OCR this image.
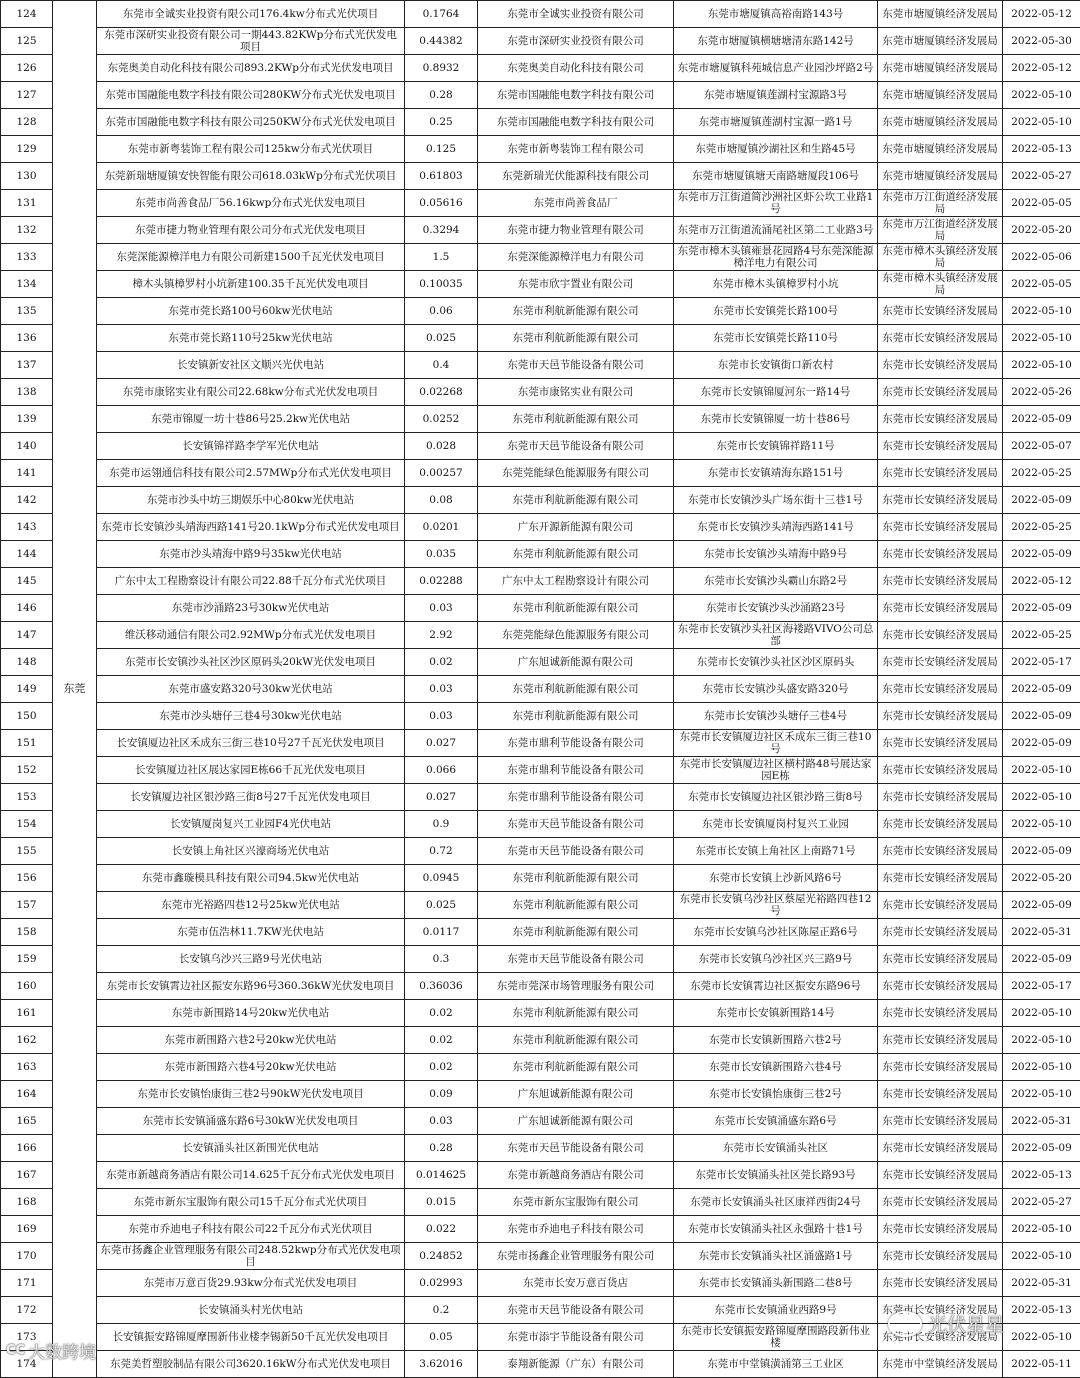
124	东莞	东莞市全诚实业投资有限公司176.4kw分布式光伏项目	0.1764	东莞市全诚实业投资有限公司	东莞市塘厦镇高裕南路143号	东莞市塘厦镇经济发展局	2022-05-12
125		东莞市深研实业投资有限公司一期443.82KWp分布式光伏发电项目	0.44382	东莞市深研实业投资有限公司	东莞市塘厦镇横塘塘清东路142号	东莞市塘厦镇经济发展局	2022-05-30
126		东莞奥美自动化科技有限公司893.2KWp分布式光伏发电项目	0.8932	东莞奥美自动化科技有限公司	东莞市塘厦镇科苑城信息产业园沙坪路2号	东莞市塘厦镇经济发展局	2022-05-12
127		东莞市国融能电数字科技有限公司280KW分布式光伏发电项目	0.28	东莞市国融能电数字科技有限公司	东莞市塘厦镇莲湖村宝源路3号	东莞市塘厦镇经济发展局	2022-05-10
128		东莞市国融能电数字科技有限公司250KW分布式光伏发电项目	0.25	东莞市国融能电数字科技有限公司	东莞市塘厦镇莲湖村宝源一路1号	东莞市塘厦镇经济发展局	2022-05-10
129		东莞市新粤装饰工程有限公司125kw分布式光伏项目	0.125	东莞市新粤装饰工程有限公司	东莞市塘厦镇沙湖社区和生路45号	东莞市塘厦镇经济发展局	2022-05-13
130		东莞新瑞塘厦镇安快智能有限公司618.03kWp分布式光伏项目	0.61803	东莞新瑞光伏能源科技有限公司	东莞市塘厦镇塘天南路塘厦段106号	东莞市塘厦镇经济发展局	2022-05-27
131		东莞市尚善食品厂56.16kwp分布式光伏发电项目	0.05616	东莞市尚善食品厂	东莞市万江街道简沙洲社区虾公坎工业路1号	东莞市万江街道经济发展局	2022-05-05
132		东莞市捷力物业管理有限公司分布式光伏发电项目	0.3294	东莞市捷力物业管理有限公司	东莞市万江街道流涌尾社区第二工业路3号	东莞市万江街道经济发展局	2022-05-20
133		东莞深能源樟洋电力有限公司新建1500千瓦光伏发电项目	1.5	东莞深能源樟洋电力有限公司	东莞市樟木头镇雍景花园路4号东莞深能源樟洋电力有限公司	东莞市樟木头镇经济发展局	2022-05-06
134		樟木头镇樟罗村小坑新建100.35千瓦光伏发电项目	0.10035	东莞市欣宇置业有限公司	东莞市樟木头镇樟罗村小坑	东莞市樟木头镇经济发展局	2022-05-05
135		东莞市莞长路100号60kw光伏电站	0.06	东莞市利航新能源有限公司	东莞市长安镇莞长路100号	东莞市长安镇经济发展局	2022-05-10
136		东莞市莞长路110号25kw光伏电站	0.025	东莞市利航新能源有限公司	东莞市长安镇莞长路110号	东莞市长安镇经济发展局	2022-05-10
137		长安镇新安社区文顺兴光伏电站	0.4	东莞市天邑节能设备有限公司	东莞市长安镇街口新农村	东莞市长安镇经济发展局	2022-05-10
138		东莞市康铭实业有限公司22.68kw分布式光伏发电项目	0.02268	东莞市康铭实业有限公司	东莞市长安镇锦厦河东一路14号	东莞市长安镇经济发展局	2022-05-26
139		东莞市锦厦一坊十巷86号25.2kw光伏电站	0.0252	东莞市利航新能源有限公司	东莞市长安镇锦厦一坊十巷86号	东莞市长安镇经济发展局	2022-05-09
140		长安镇锦祥路李学军光伏电站	0.028	东莞市天邑节能设备有限公司	东莞市长安镇锦祥路11号	东莞市长安镇经济发展局	2022-05-07
141		东莞市运翎通信科技有限公司2.57MWp分布式光伏发电项目	0.00257	东莞莞能绿色能源服务有限公司	东莞市长安镇靖海东路151号	东莞市长安镇经济发展局	2022-05-25
142		东莞市沙头中坊三期娱乐中心80kw光伏电站	0.08	东莞市利航新能源有限公司	东莞市长安镇沙头广场东街十三巷1号	东莞市长安镇经济发展局	2022-05-09
143		东莞市长安镇沙头靖海西路141号20.1kWp分布式光伏发电项目	0.0201	广东开源新能源有限公司	东莞市长安镇沙头靖海西路141号	东莞市长安镇经济发展局	2022-05-25
144		东莞市沙头靖海中路9号35kw光伏电站	0.035	东莞市利航新能源有限公司	东莞市长安镇沙头靖海中路9号	东莞市长安镇经济发展局	2022-05-09
145		广东中太工程勘察设计有限公司22.88千瓦分布式光伏项目	0.02288	广东中太工程勘察设计有限公司	东莞市长安镇沙头霸山东路2号	东莞市长安镇经济发展局	2022-05-12
146		东莞市沙涌路23号30kw光伏电站	0.03	东莞市利航新能源有限公司	东莞市长安镇沙头沙涌路23号	东莞市长安镇经济发展局	2022-05-09
147		维沃移动通信有限公司2.92MWp分布式光伏发电项目	2.92	东莞莞能绿色能源服务有限公司	东莞市长安镇沙头社区海褛路VIVO公司总部	东莞市长安镇经济发展局	2022-05-25
148		东莞市长安镇沙头社区沙区原码头20kW光伏发电项目	0.02	广东旭诚新能源有限公司	东莞市长安镇沙头社区沙区原码头	东莞市长安镇经济发展局	2022-05-17
149		东莞市盛安路320号30kw光伏电站	0.03	东莞市利航新能源有限公司	东莞市长安镇沙头盛安路320号	东莞市长安镇经济发展局	2022-05-09
150		东莞市沙头塘仔三巷4号30kw光伏电站	0.03	东莞市利航新能源有限公司	东莞市长安镇沙头塘仔三巷4号	东莞市长安镇经济发展局	2022-05-09
151		长安镇厦边社区禾成东三街三巷10号27千瓦光伏发电项目	0.027	东莞市鼎利节能设备有限公司	东莞市长安镇厦边社区禾成东三街三巷10号	东莞市长安镇经济发展局	2022-05-09
152		长安镇厦边社区展达家园E栋66千瓦光伏发电项目	0.066	东莞市鼎利节能设备有限公司	东莞市长安镇厦边社区横村路48号展达家园E栋	东莞市长安镇经济发展局	2022-05-10
153		长安镇厦边社区银沙路三街8号27千瓦光伏发电项目	0.027	东莞市鼎利节能设备有限公司	东莞市长安镇厦边社区银沙路三街8号	东莞市长安镇经济发展局	2022-05-10
154		长安镇厦岗复兴工业园F4光伏电站	0.9	东莞市天邑节能设备有限公司	东莞市长安镇厦岗村复兴工业园	东莞市长安镇经济发展局	2022-05-10
155		长安镇上角社区兴濠商场光伏电站	0.72	东莞市天邑节能设备有限公司	东莞市长安镇上角社区上南路71号	东莞市长安镇经济发展局	2022-05-09
156		东莞市鑫璇模具科技有限公司94.5kw光伏电站	0.0945	东莞市利航新能源有限公司	东莞市长安镇上沙新风路6号	东莞市长安镇经济发展局	2022-05-20
157		东莞市光裕路四巷12号25kw光伏电站	0.025	东莞市利航新能源有限公司	东莞市长安镇乌沙社区蔡屋光裕路四巷12号	东莞市长安镇经济发展局	2022-05-09
158		东莞市伍浩林11.7KW光伏电站	0.0117	东莞市利航新能源有限公司	东莞市长安镇乌沙社区陈屋正路6号	东莞市长安镇经济发展局	2022-05-31
159		长安镇乌沙兴三路9号光伏电站	0.3	东莞市天邑节能设备有限公司	东莞市长安镇乌沙社区兴三路9号	东莞市长安镇经济发展局	2022-05-09
160		东莞市长安镇霄边社区振安东路96号360.36kW光伏发电项目	0.36036	东莞市莞深市场管理服务有限公司	东莞市长安镇霄边社区振安东路96号	东莞市长安镇经济发展局	2022-05-17
161		东莞市新围路14号20kw光伏电站	0.02	东莞市利航新能源有限公司	东莞市长安镇新围路14号	东莞市长安镇经济发展局	2022-05-10
162		东莞市新围路六巷2号20kw光伏电站	0.02	东莞市利航新能源有限公司	东莞市长安镇新围路六巷2号	东莞市长安镇经济发展局	2022-05-10
163		东莞市新围路六巷4号20kw光伏电站	0.02	东莞市利航新能源有限公司	东莞市长安镇新围路六巷4号	东莞市长安镇经济发展局	2022-05-10
164		东莞市长安镇怡康街三巷2号90kW光伏发电项目	0.09	广东旭诚新能源有限公司	东莞市长安镇怡康街三巷2号	东莞市长安镇经济发展局	2022-05-10
165		东莞市长安镇涌盛东路6号30kW光伏发电项目	0.03	广东旭诚新能源有限公司	东莞市长安镇涌盛东路6号	东莞市长安镇经济发展局	2022-05-31
166		长安镇涌头社区新围光伏电站	0.28	东莞市天邑节能设备有限公司	东莞市长安镇涌头社区	东莞市长安镇经济发展局	2022-05-09
167		东莞市新越商务酒店有限公司14.625千瓦分布式光伏发电项目	0.014625	东莞市新越商务酒店有限公司	东莞市长安镇涌头社区莞长路93号	东莞市长安镇经济发展局	2022-05-13
168		东莞市新东宝服饰有限公司15千瓦分布式光伏项目	0.015	东莞市新东宝服饰有限公司	东莞市长安镇涌头社区康祥西街24号	东莞市长安镇经济发展局	2022-05-27
169		东莞市乔迪电子科技有限公司22千瓦分布式光伏项目	0.022	东莞市乔迪电子科技有限公司	东莞市长安镇涌头社区永强路十巷1号	东莞市长安镇经济发展局	2022-05-10
170		东莞市扬鑫企业管理服务有限公司248.52kwp分布式光伏发电项目	0.24852	东莞市扬鑫企业管理服务有限公司	东莞市长安镇涌头社区涌盛路1号	东莞市长安镇经济发展局	2022-05-10
171		东莞市万意百货29.93kw分布式光伏发电项目	0.02993	东莞市长安万意百货店	东莞市长安镇涌头新围路二巷8号	东莞市长安镇经济发展局	2022-05-31
172		长安镇涌头村光伏电站	0.2	东莞市天邑节能设备有限公司	东莞市长安镇涌业西路9号	东莞市长安镇经济发展局	2022-05-13
173		长安镇振安路锦厦摩围新伟业楼李锡新50千瓦光伏发电项目	0.05	东莞市添宇节能设备有限公司	东莞市长安镇振安路锦厦摩围路段新伟业楼	东莞市长安镇经济发展局	2022-05-10
174		东莞美哲塑胶制品有限公司3620.16kW分布式光伏发电项目	3.62016	泰翔新能源（广东）有限公司	东莞市中堂镇潢涌第三工业区	东莞市中堂镇经济发展局	2022-05-11
CC 大数跨境
光伏星星
